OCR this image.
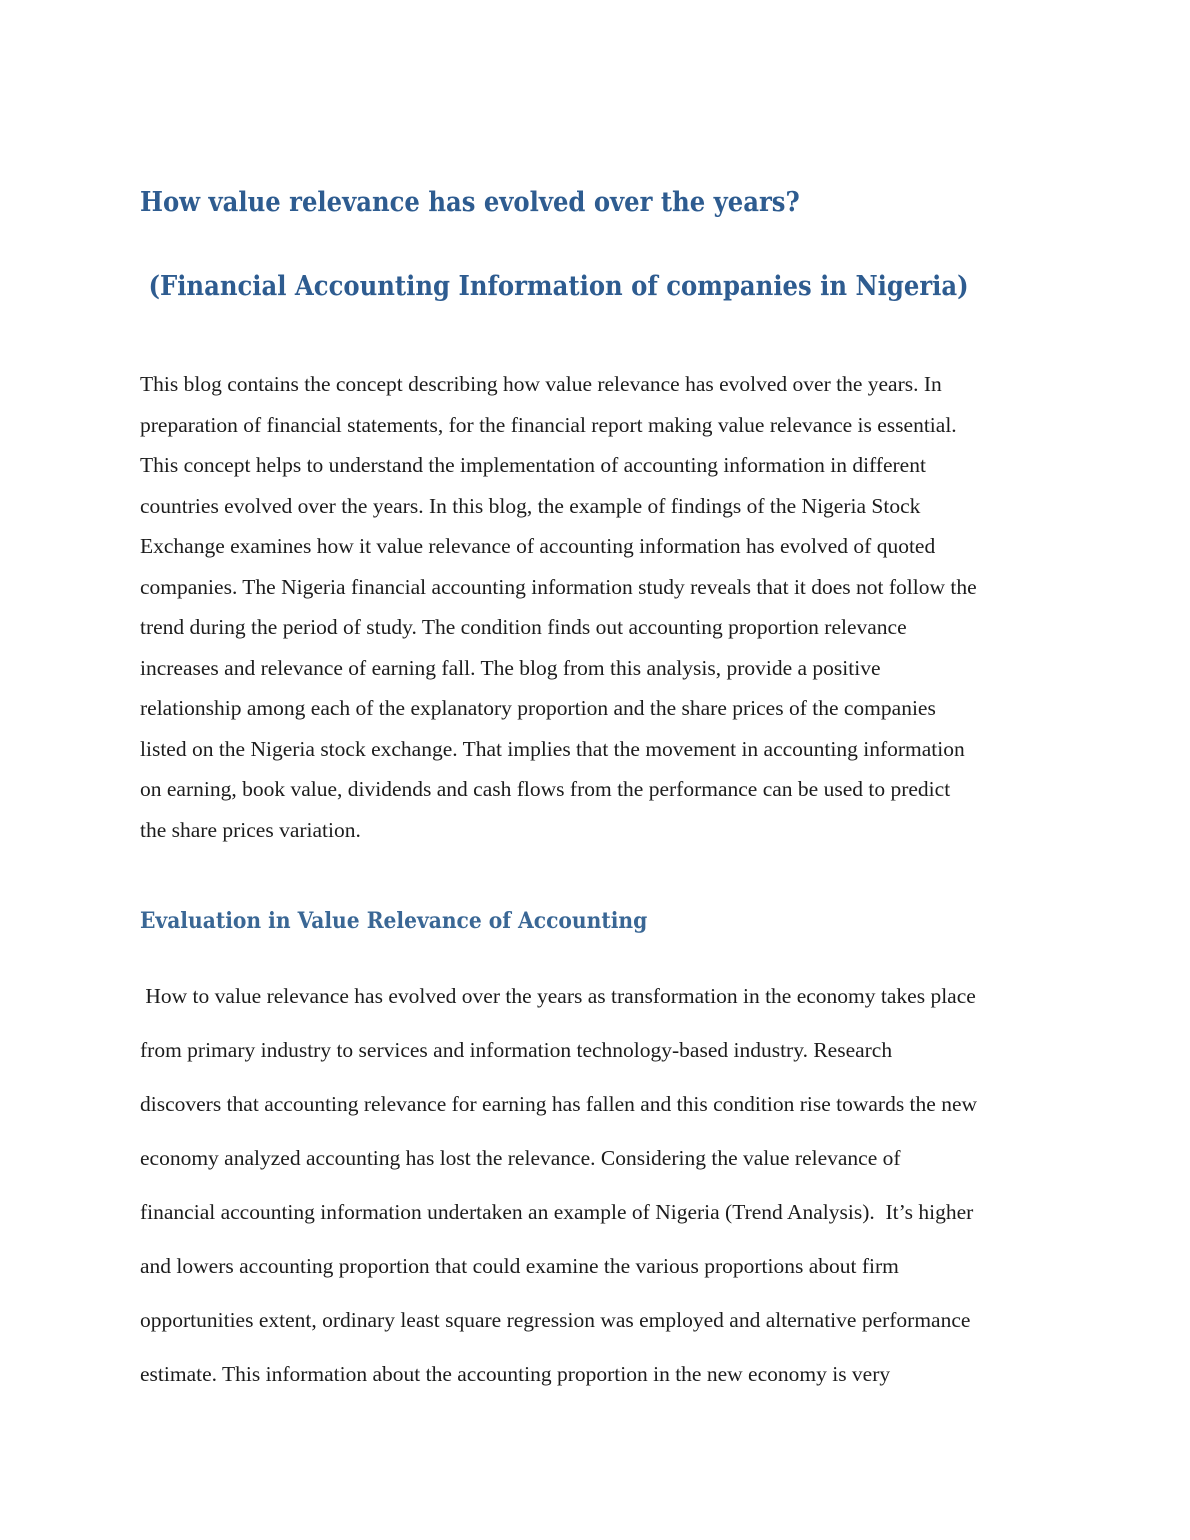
How value relevance has evolved over the years?
(Financial Accounting Information of companies in Nigeria)
This blog contains the concept describing how value relevance has evolved over the years. In
preparation of financial statements, for the financial report making value relevance is essential.
This concept helps to understand the implementation of accounting information in different
countries evolved over the years. In this blog, the example of findings of the Nigeria Stock
Exchange examines how it value relevance of accounting information has evolved of quoted
companies. The Nigeria financial accounting information study reveals that it does not follow the
trend during the period of study. The condition finds out accounting proportion relevance
increases and relevance of earning fall. The blog from this analysis, provide a positive
relationship among each of the explanatory proportion and the share prices of the companies
listed on the Nigeria stock exchange. That implies that the movement in accounting information
on earning, book value, dividends and cash flows from the performance can be used to predict
the share prices variation.
Evaluation in Value Relevance of Accounting
How to value relevance has evolved over the years as transformation in the economy takes place
from primary industry to services and information technology-based industry. Research
discovers that accounting relevance for earning has fallen and this condition rise towards the new
economy analyzed accounting has lost the relevance. Considering the value relevance of
financial accounting information undertaken an example of Nigeria (Trend Analysis).  It’s higher
and lowers accounting proportion that could examine the various proportions about firm
opportunities extent, ordinary least square regression was employed and alternative performance
estimate. This information about the accounting proportion in the new economy is very
